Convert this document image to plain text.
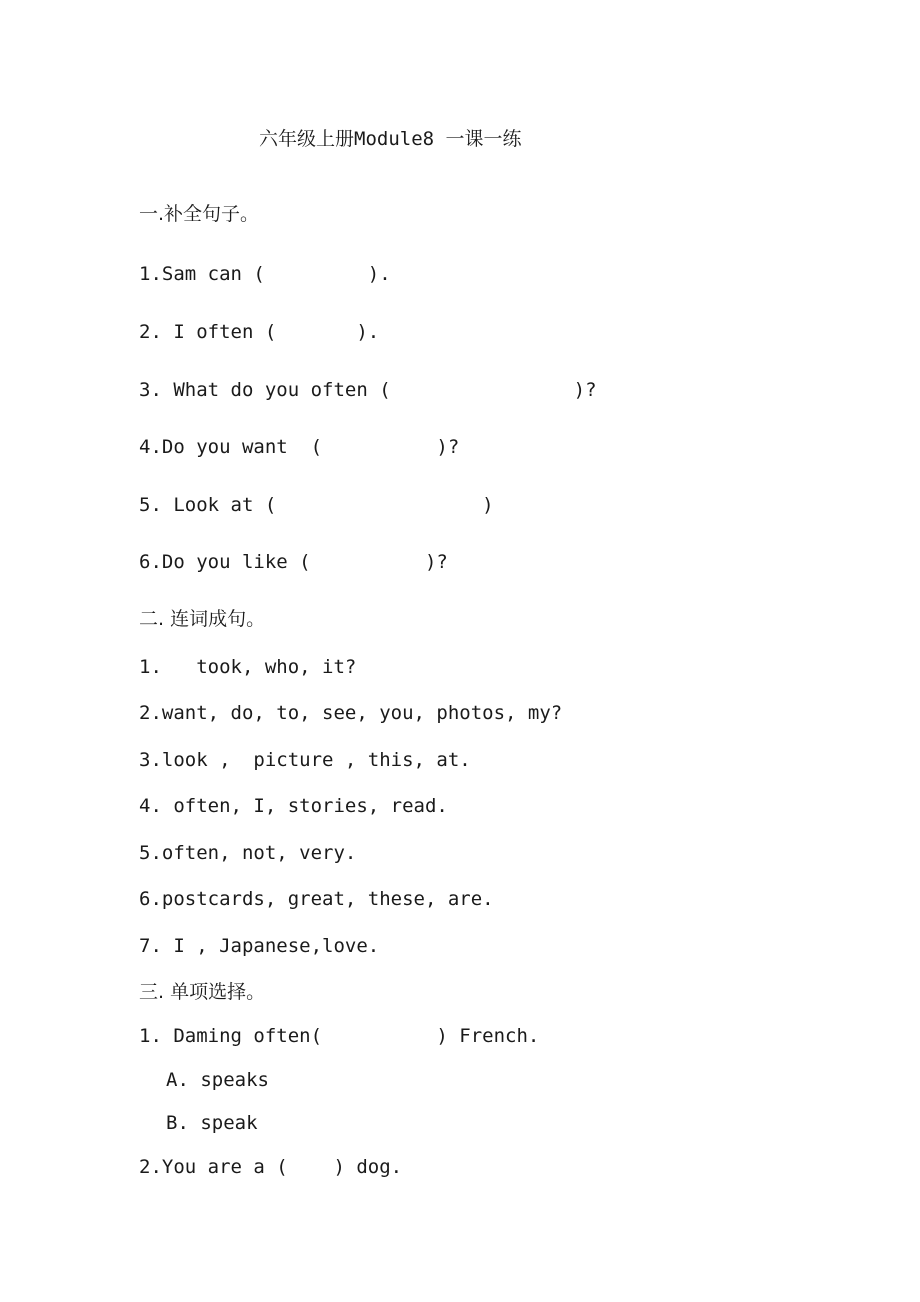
六年级上册Module8 一课一练
一.补全句子。
1.Sam can (         ).
2. I often (       ).
3. What do you often (                )?
4.Do you want  (          )?
5. Look at (                  )
6.Do you like (          )?
二. 连词成句。
1.   took, who, it?
2.want, do, to, see, you, photos, my?
3.look ,  picture , this, at.
4. often, I, stories, read.
5.often, not, very.
6.postcards, great, these, are.
7. I , Japanese,love.
三. 单项选择。
1. Daming often(          ) French.
A. speaks
B. speak
2.You are a (    ) dog.
